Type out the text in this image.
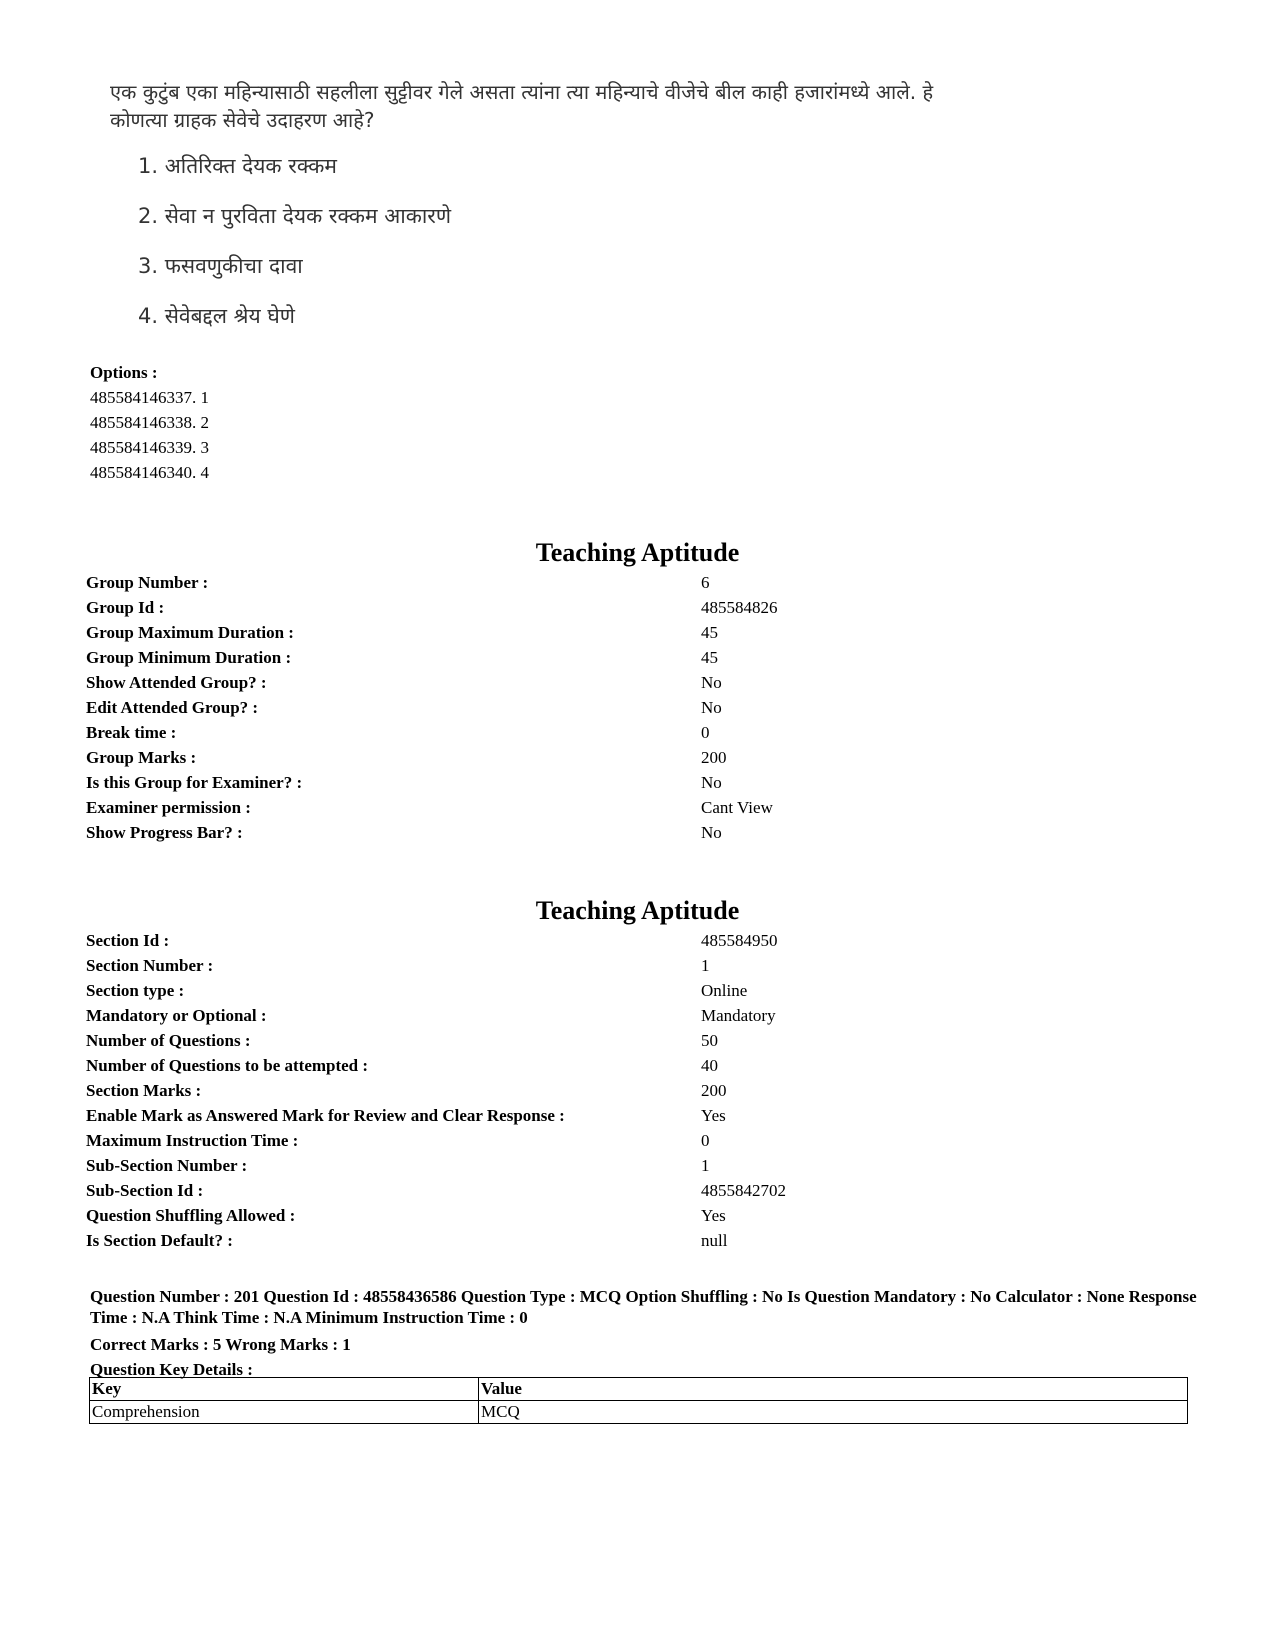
एक कुटुंब एका महिन्यासाठी सहलीला सुट्टीवर गेले असता त्यांना त्या महिन्याचे वीजेचे बील काही हजारांमध्ये आले. हे कोणत्या ग्राहक सेवेचे उदाहरण आहे?

1. अतिरिक्त देयक रक्कम
2. सेवा न पुरविता देयक रक्कम आकारणे
3. फसवणुकीचा दावा
4. सेवेबद्दल श्रेय घेणे
Options :
485584146337. 1
485584146338. 2
485584146339. 3
485584146340. 4
Teaching Aptitude
Group Number :	6
Group Id :	485584826
Group Maximum Duration :	45
Group Minimum Duration :	45
Show Attended Group? :	No
Edit Attended Group? :	No
Break time :	0
Group Marks :	200
Is this Group for Examiner? :	No
Examiner permission :	Cant View
Show Progress Bar? :	No
Teaching Aptitude
Section Id :	485584950
Section Number :	1
Section type :	Online
Mandatory or Optional :	Mandatory
Number of Questions :	50
Number of Questions to be attempted :	40
Section Marks :	200
Enable Mark as Answered Mark for Review and Clear Response :	Yes
Maximum Instruction Time :	0
Sub-Section Number :	1
Sub-Section Id :	4855842702
Question Shuffling Allowed :	Yes
Is Section Default? :	null

Question Number : 201 Question Id : 48558436586 Question Type : MCQ Option Shuffling : No Is Question Mandatory : No Calculator : None Response Time : N.A Think Time : N.A Minimum Instruction Time : 0

Correct Marks : 5 Wrong Marks : 1

Question Key Details :

Key	Value
Comprehension	MCQ
